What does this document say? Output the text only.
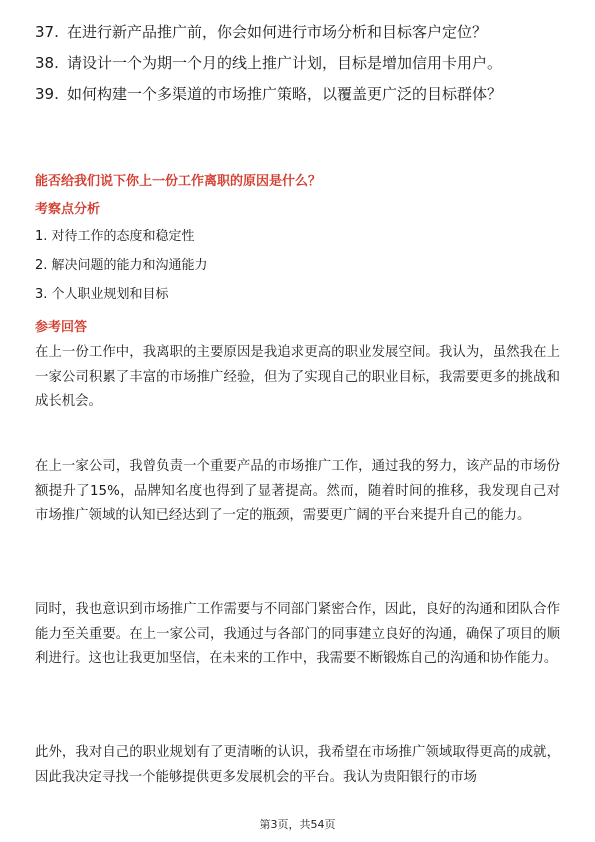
37. 在进行新产品推广前，你会如何进行市场分析和目标客户定位？
38. 请设计一个为期一个月的线上推广计划，目标是增加信用卡用户。
39. 如何构建一个多渠道的市场推广策略，以覆盖更广泛的目标群体？
能否给我们说下你上一份工作离职的原因是什么？
考察点分析
1. 对待工作的态度和稳定性
2. 解决问题的能力和沟通能力
3. 个人职业规划和目标
参考回答
在上一份工作中，我离职的主要原因是我追求更高的职业发展空间。我认为，虽然我在上一家公司积累了丰富的市场推广经验，但为了实现自己的职业目标，我需要更多的挑战和成长机会。
在上一家公司，我曾负责一个重要产品的市场推广工作，通过我的努力，该产品的市场份额提升了15%，品牌知名度也得到了显著提高。然而，随着时间的推移，我发现自己对市场推广领域的认知已经达到了一定的瓶颈，需要更广阔的平台来提升自己的能力。
同时，我也意识到市场推广工作需要与不同部门紧密合作，因此，良好的沟通和团队合作能力至关重要。在上一家公司，我通过与各部门的同事建立良好的沟通，确保了项目的顺利进行。这也让我更加坚信，在未来的工作中，我需要不断锻炼自己的沟通和协作能力。
此外，我对自己的职业规划有了更清晰的认识，我希望在市场推广领域取得更高的成就，因此我决定寻找一个能够提供更多发展机会的平台。我认为贵阳银行的市场
第3页，共54页
